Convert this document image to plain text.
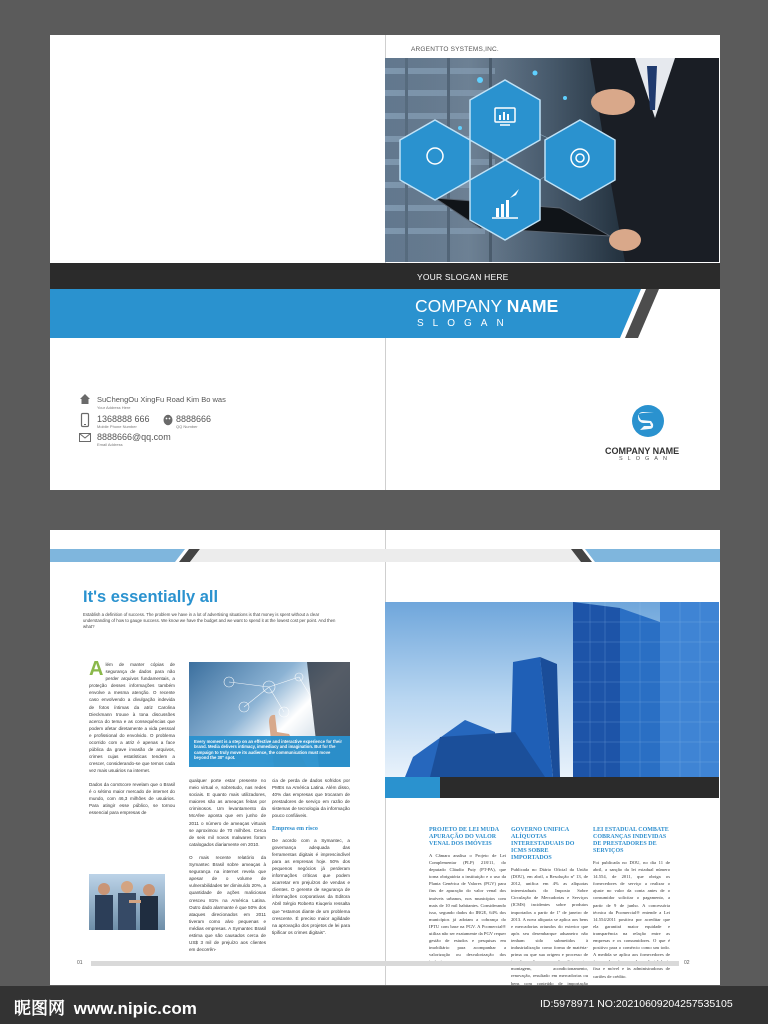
ARGENTTO SYSTEMS,INC.
YOUR SLOGAN HERE
COMPANY NAME
SLOGAN
SuChengOu XingFu Road Kim Bo was
Your Address Here
1368888 666
Mobile Phone Number
8888666
QQ Number
8888666@qq.com
Email Address
COMPANY NAME
SLOGAN
It's essentially all
Establish a definition of success. The problem we have in a lot of advertising situations is that money is spent without a clear understanding of how to gauge success. We know we have the budget and we want to spend it at the lowest cost per point. And then what?

A lém de manter cópias de segurança de dados para não perder arquivos fundamentais, a proteção desses informações também envolve a mesma atenção. O recente caso envolvendo a divulgação indevida de fotos íntimas da atriz Carolina Dieckmann trouxe à tona discussões acerca do tema e as consequências que podem afetar diretamente a vida pessoal e profissional do envolvido. O problema ocorrido com a atriz é apenas a face pública da grave invasão de arquivos, crimes cujas estatísticas tendem a crescer, considerando-se que temos cada vez mais usuários na internet.

Dados da comScore revelam que o Brasil é o sétimo maior mercado de internet do mundo, com 46,3 milhões de usuários. Para atingir esse público, se tornou essencial para empresas de

Every moment is a step on an effective and interactive experience for their brand. Media delivers intimacy, immediacy and imagination. But for the campaign to truly move its audience, the communication must move beyond the 30" spot.

qualquer porte estar presente no meio virtual e, sobretudo, nas redes sociais. E quanto mais utilizadores, maiores são as ameaças feitas por criminosos. Um levantamento da McAfee aponta que em junho de 2011 o número de ameaças virtuais se aproximou de 70 milhões. Cerca de seis mil novos malwares foram catalogados diariamente em 2010.

O mais recente relatório da Symantec Brasil sobre ameaças à segurança na internet revela que apesar de o volume de vulnerabilidades ter diminuído 20%, a quantidade de ações maliciosas cresceu 81% na América Latina. Outro dado alarmante é que 50% dos ataques direcionados em 2011 tiveram como alvo pequenas e médias empresas. A Symantec Brasil estima que são causados cerca de US$ 3 mil de prejuízo aos clientes em decorrên-

cia de perda de dados sofridos por PMEs na América Latina. Além disso, 40% das empresas que trocaram de prestadores de serviço em razão de sistemas de tecnologia da informação pouco confiáveis.

Empresa em risco

De acordo com a Symantec, a governança adequada das ferramentas digitais é imprescindível para as empresas hoje. 50% dos pequenos negócios já perderam informações críticas que podem acarretar em prejuízos de vendas e clientes. O gerente de segurança de informações corporativas da Editora Abril Sérgio Roberto Kiuqerix ressalta que "estamos diante de um problema crescente. É preciso maior agilidade na aprovação dos projetos de lei para tipificar os crimes digitais".

PROJETO DE LEI MUDA APURAÇÃO DO VALOR VENAL DOS IMÓVEIS

A Câmara analisa o Projeto de Lei Complementar (PLP) 218/11, do deputado Cláudio Puty (PT-PA), que torna obrigatória a instituição e o uso da Planta Genérica de Valores (PGV) para fins de apuração do valor venal dos imóveis urbanos, nos municípios com mais de 10 mil habitantes. Considerando isso, segundo dados do IBGE, 64% dos municípios já adotam a cobrança do IPTU com base na PGV. A Pcomercial® utiliza não ser exatamente da PGV requer gestão de estudos e pesquisas em imobiliário para acompanhar a valorização ou desvalorização dos

GOVERNO UNIFICA ALÍQUOTAS INTERESTADUAIS DO ICMS SOBRE IMPORTADOS

Publicada no Diário Oficial da União (DOU), em abril, a Resolução nº 13, de 2012, unifica em 4% as alíquotas interestaduais do Imposto Sobre Circulação de Mercadorias e Serviços (ICMS) incidentes sobre produtos importados a partir de 1º de janeiro de 2013. A nova alíquota se aplica aos bens e mercadorias oriundos do exterior que após seu desembarque aduaneiro não tenham sido submetidos à industrialização como forma de matéria-prima ou que sua origem e processo de montagem, acondicionamento, renovação, resultado em mercadorias ou bens com conteúdo de importação

LEI ESTADUAL COMBATE COBRANÇAS INDEVIDAS DE PRESTADORES DE SERVIÇOS

Foi publicada no DOU, no dia 11 de abril, a sanção da lei estadual número 14.554, de 2011, que obriga os fornecedores de serviço a realizar o ajuste no valor da conta antes de o consumidor solicitar o pagamento, a partir de 9 de junho. A concessória técnica da Pcomercial® entende a Lei 14.554/2011 positiva por acreditar que ela garantirá maior equidade e transparência na relação entre as empresas e os consumidores. O que é positivo para o comércio como um todo. A medida se aplica aos fornecedores de fixa e móvel e às administradoras de cartões de crédito.

01	02
昵图网 www.nipic.com	ID:5978971 NO:20210609204257535105
